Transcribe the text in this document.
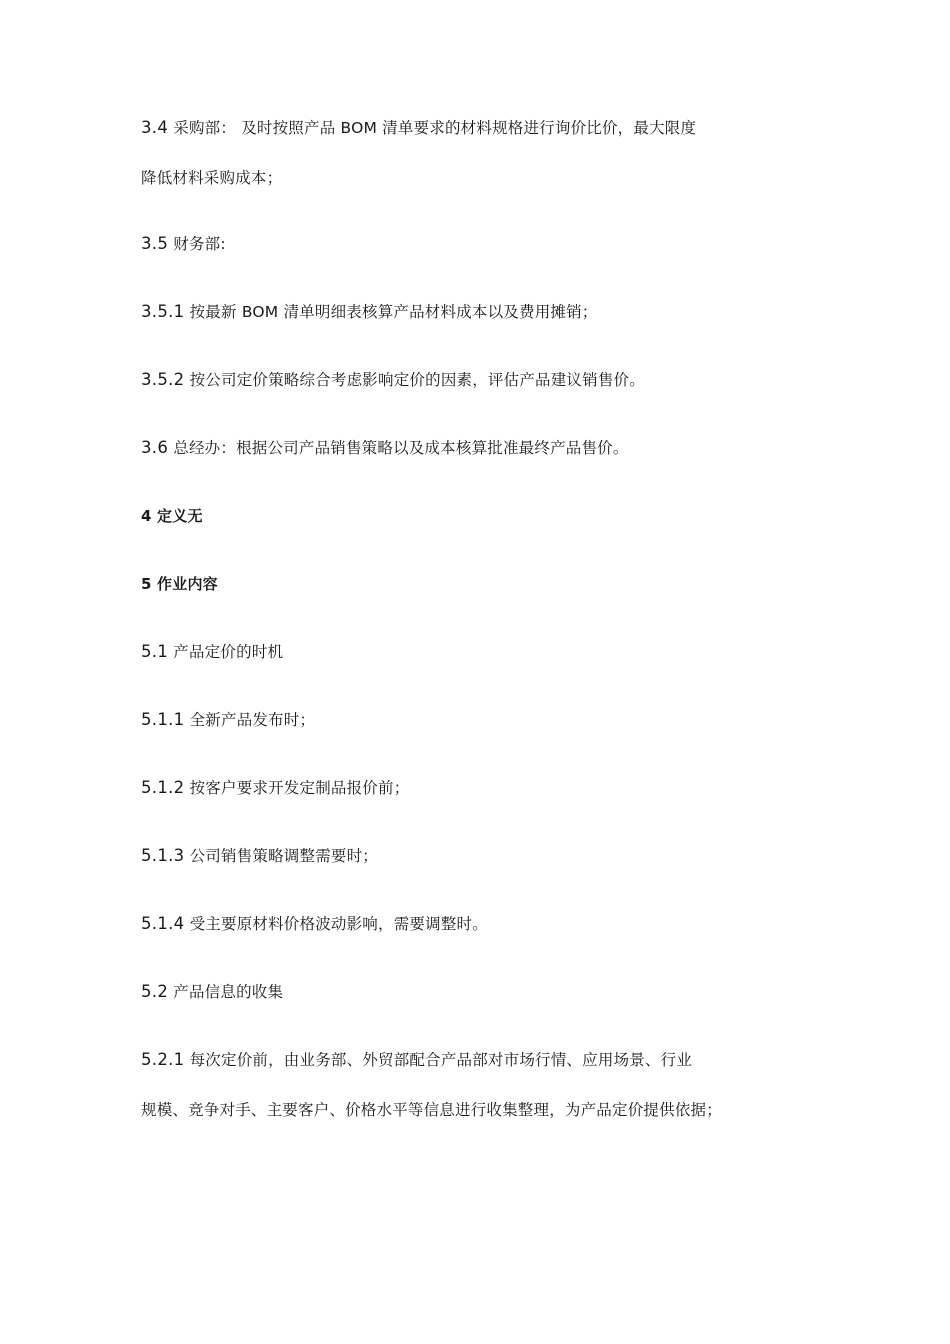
3.4 采购部： 及时按照产品 BOM 清单要求的材料规格进行询价比价，最大限度

降低材料采购成本；

3.5 财务部:

3.5.1 按最新 BOM 清单明细表核算产品材料成本以及费用摊销；

3.5.2 按公司定价策略综合考虑影响定价的因素，评估产品建议销售价。

3.6 总经办：根据公司产品销售策略以及成本核算批准最终产品售价。

4 定义无

5 作业内容

5.1 产品定价的时机

5.1.1 全新产品发布时；

5.1.2 按客户要求开发定制品报价前；

5.1.3 公司销售策略调整需要时；

5.1.4 受主要原材料价格波动影响，需要调整时。

5.2 产品信息的收集

5.2.1 每次定价前，由业务部、外贸部配合产品部对市场行情、应用场景、行业

规模、竞争对手、主要客户、价格水平等信息进行收集整理，为产品定价提供依据；
